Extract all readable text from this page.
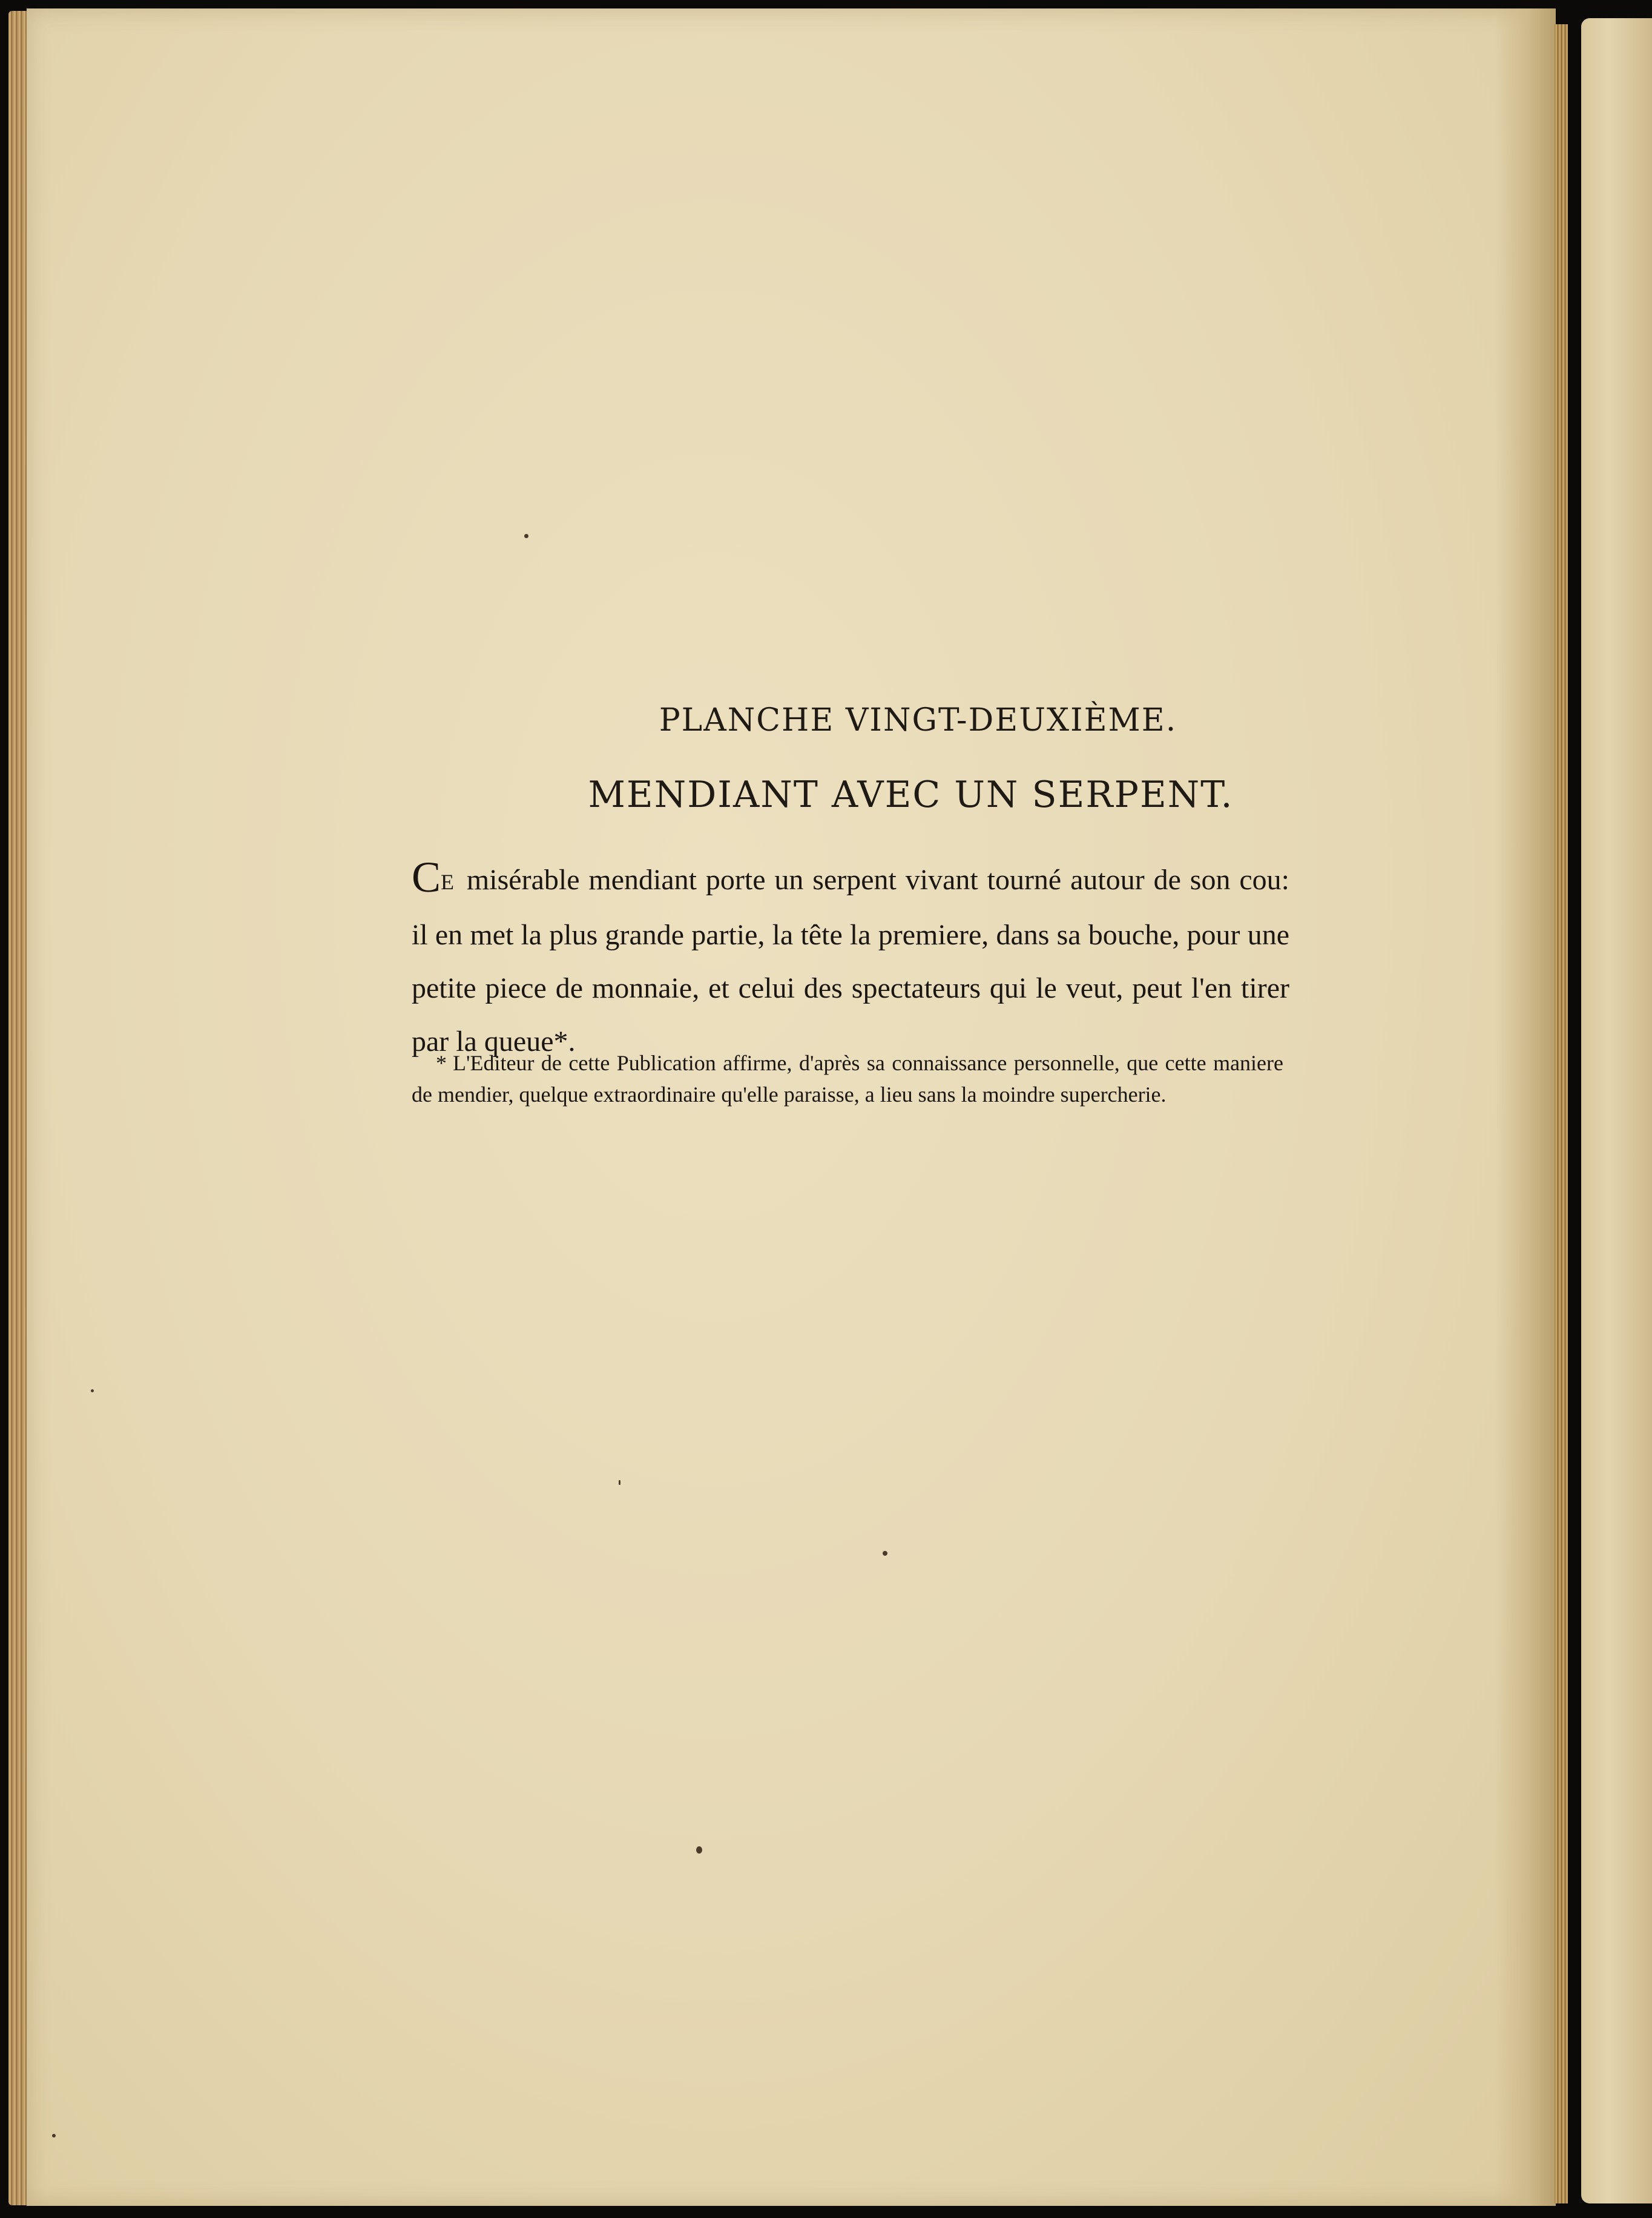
PLANCHE VINGT-DEUXIÈME.
MENDIANT AVEC UN SERPENT.
CE misérable mendiant porte un serpent vivant tourné autour de son cou: il en met la plus grande partie, la tête la premiere, dans sa bouche, pour une petite piece de monnaie, et celui des spectateurs qui le veut, peut l'en tirer par la queue*.
* L'Editeur de cette Publication affirme, d'après sa connaissance personnelle, que cette maniere de mendier, quelque extraordinaire qu'elle paraisse, a lieu sans la moindre supercherie.
